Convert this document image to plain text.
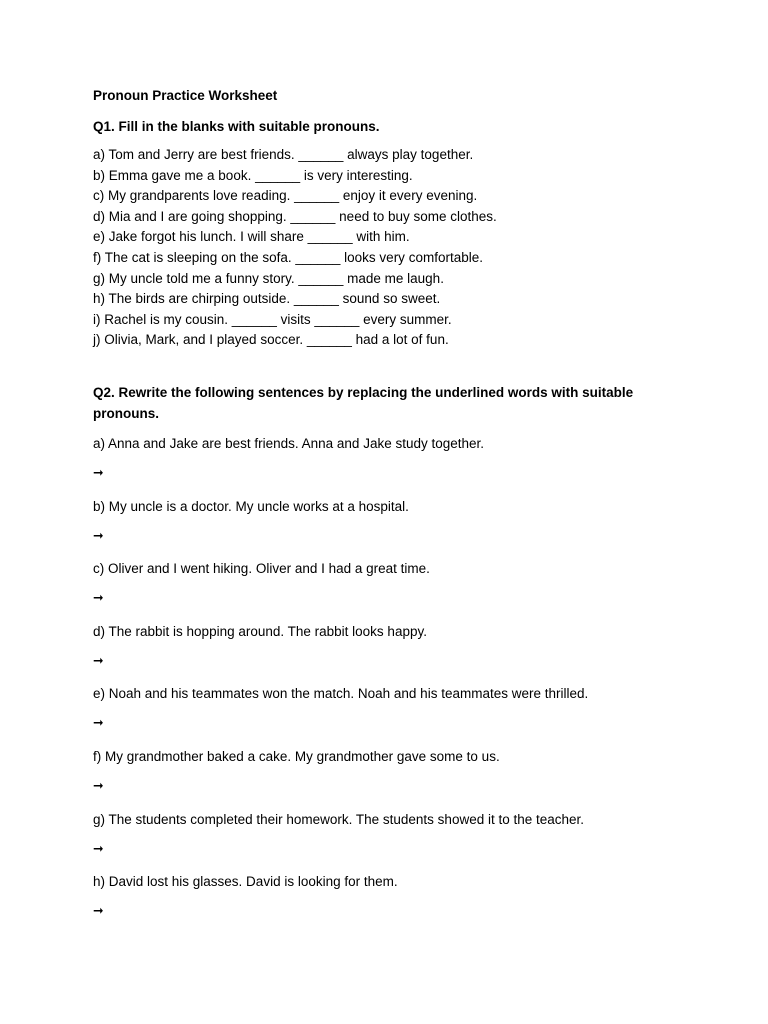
Pronoun Practice Worksheet
Q1. Fill in the blanks with suitable pronouns.
a) Tom and Jerry are best friends. ______ always play together.
b) Emma gave me a book. ______ is very interesting.
c) My grandparents love reading. ______ enjoy it every evening.
d) Mia and I are going shopping. ______ need to buy some clothes.
e) Jake forgot his lunch. I will share ______ with him.
f) The cat is sleeping on the sofa. ______ looks very comfortable.
g) My uncle told me a funny story. ______ made me laugh.
h) The birds are chirping outside. ______ sound so sweet.
i) Rachel is my cousin. ______ visits ______ every summer.
j) Olivia, Mark, and I played soccer. ______ had a lot of fun.
Q2. Rewrite the following sentences by replacing the underlined words with suitable pronouns.
a) Anna and Jake are best friends. Anna and Jake study together.
➞
b) My uncle is a doctor. My uncle works at a hospital.
➞
c) Oliver and I went hiking. Oliver and I had a great time.
➞
d) The rabbit is hopping around. The rabbit looks happy.
➞
e) Noah and his teammates won the match. Noah and his teammates were thrilled.
➞
f) My grandmother baked a cake. My grandmother gave some to us.
➞
g) The students completed their homework. The students showed it to the teacher.
➞
h) David lost his glasses. David is looking for them.
➞
